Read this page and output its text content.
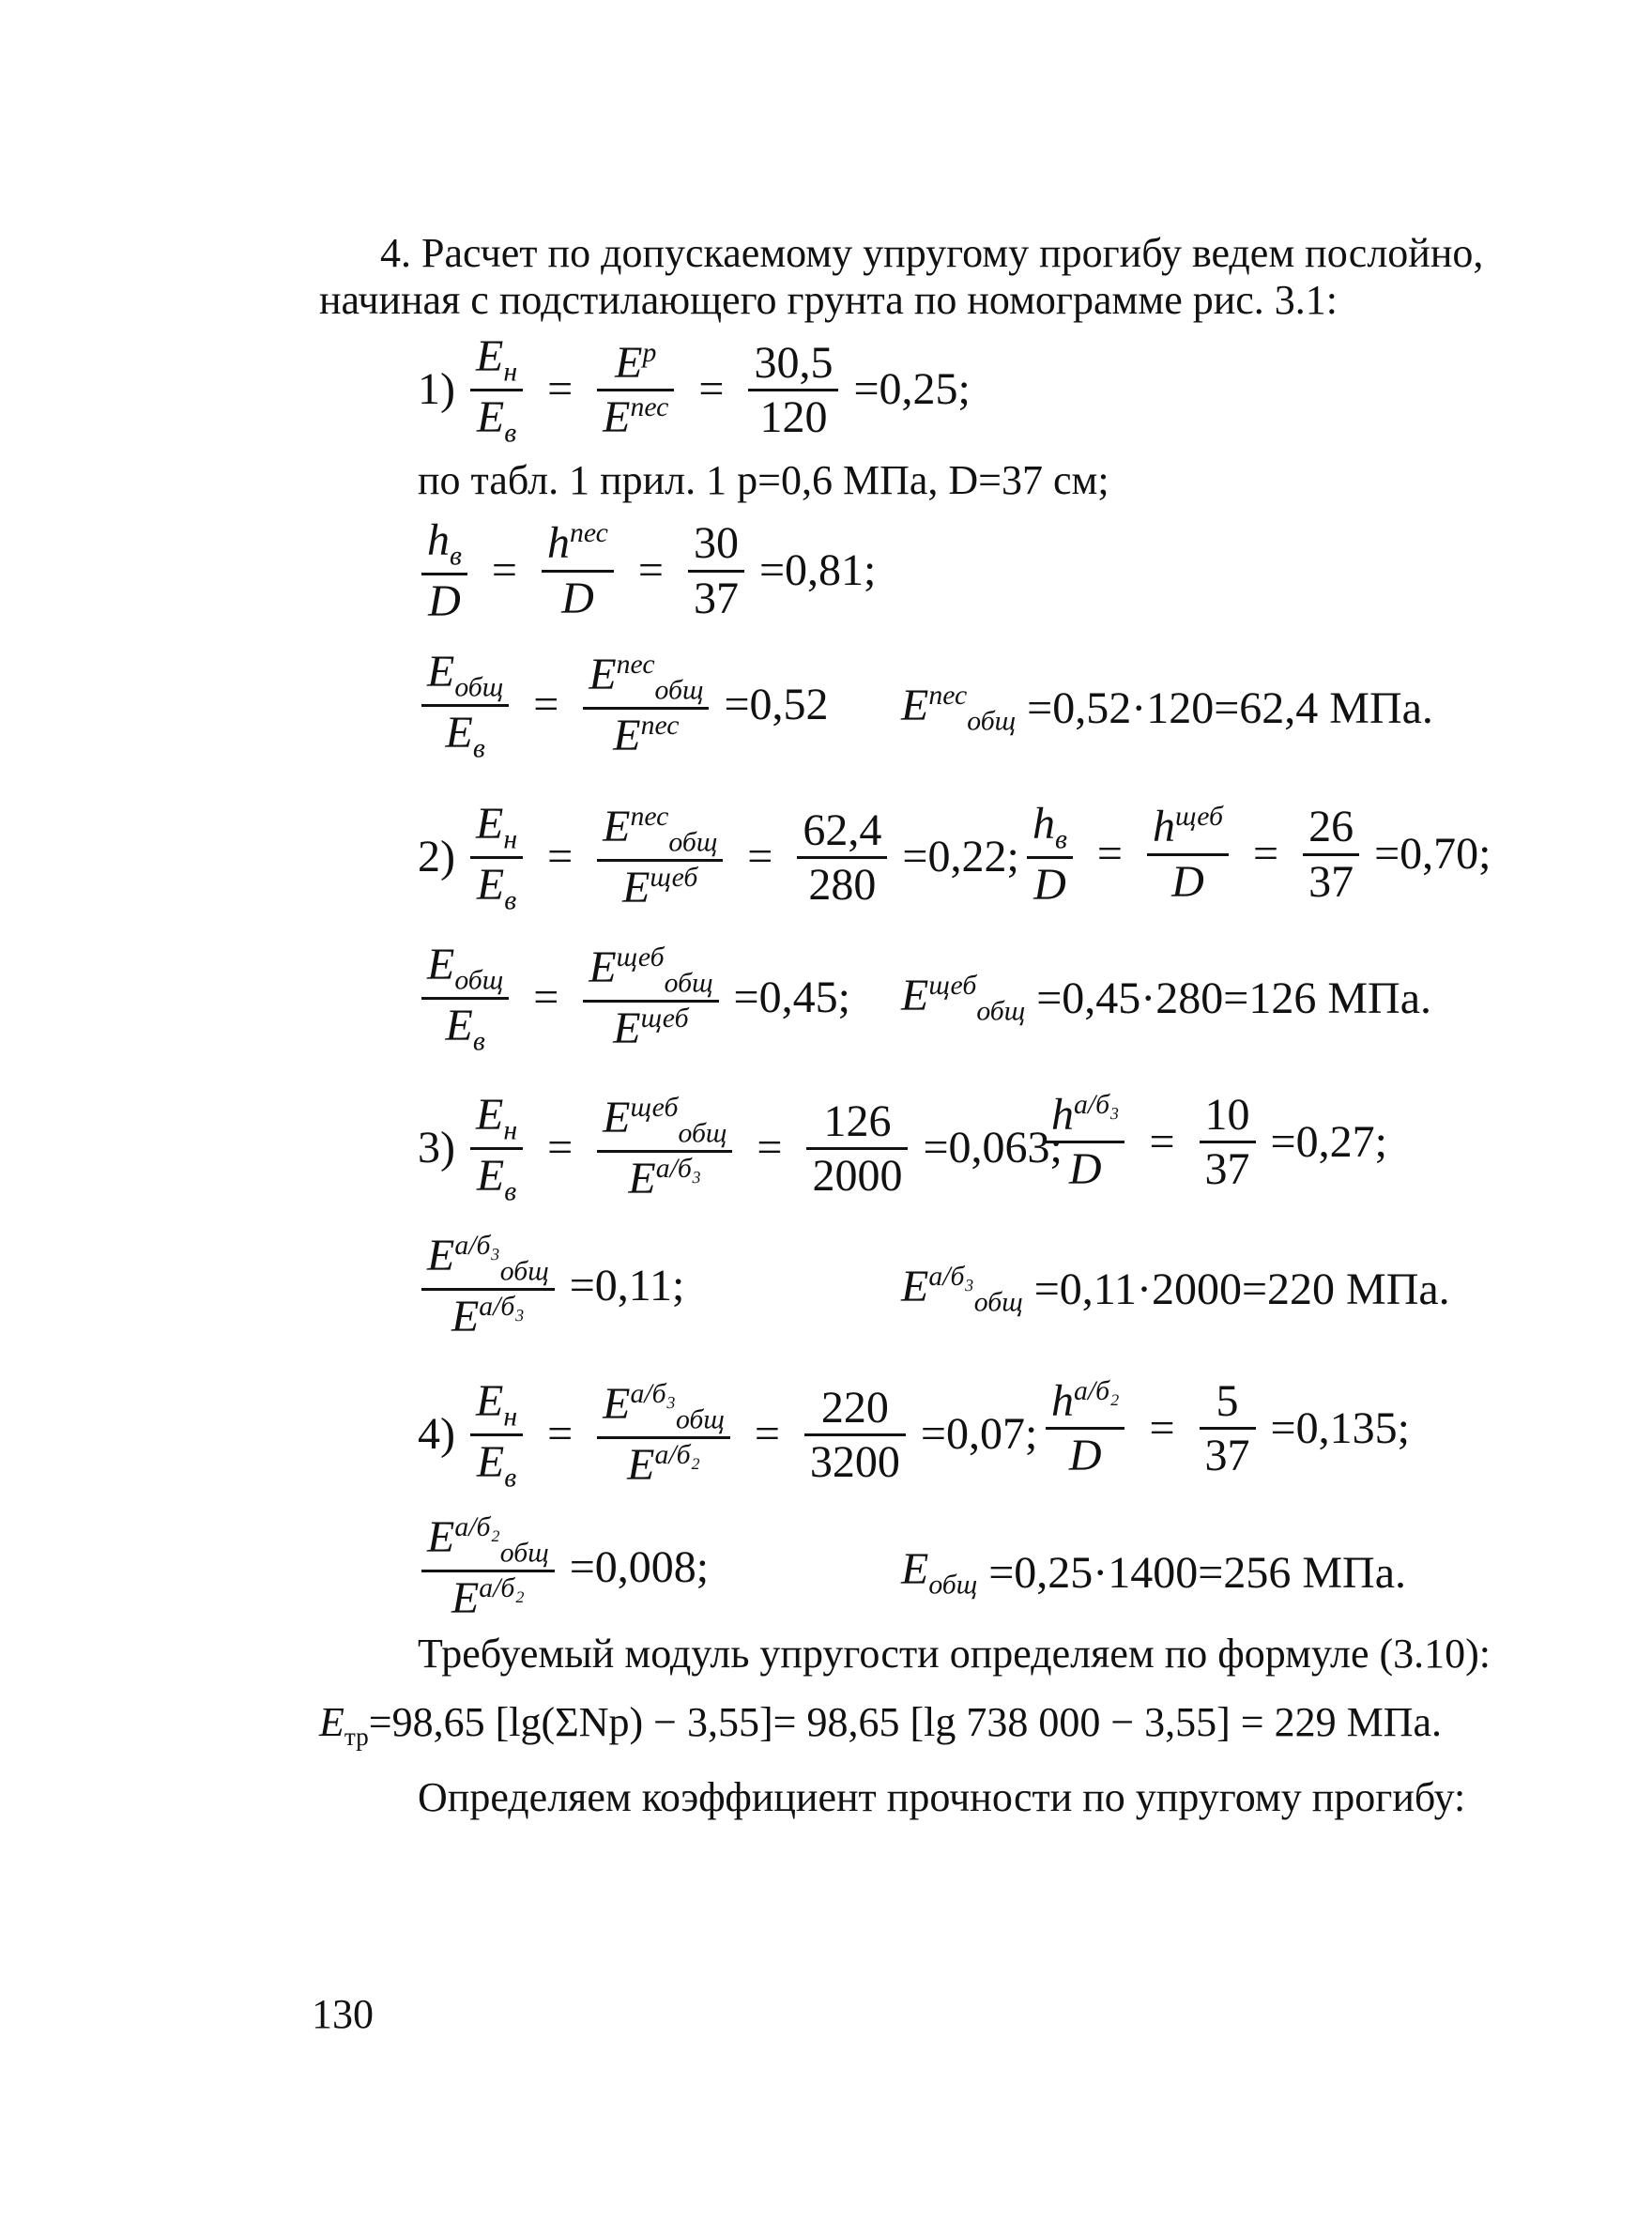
4. Расчет по допускаемому упругому прогибу ведем послойно,
начиная с подстилающего грунта по номограмме рис. 3.1:
$1) \frac{E_н}{E_в} = \frac{E^р}{E^{пес}} = \frac{30,5}{120} =0,25$;
по табл. 1 прил. 1 p=0,6 МПа, D=37 см;
$\frac{h_в}{D} = \frac{h^{пес}}{D} = \frac{30}{37} =0,81$;
$\frac{E_{общ}}{E_в} = \frac{E^{пес}_{общ}}{E^{пес}} =0,52$ $E^{пес}_{общ} =0,52\cdot 120=62,4$ МПа.
$2) \frac{E_н}{E_в} = \frac{E^{пес}_{общ}}{E^{щеб}} = \frac{62,4}{280} =0,22$; $\frac{h_в}{D} = \frac{h^{щеб}}{D} = \frac{26}{37} =0,70$;
$\frac{E_{общ}}{E_в} = \frac{E^{щеб}_{общ}}{E^{щеб}} =0,45$; $E^{щеб}_{общ} =0,45\cdot 280=126$ МПа.
$3) \frac{E_н}{E_в} = \frac{E^{щеб}_{общ}}{E^{а/б_3}} = \frac{126}{2000} =0,063$;
$\frac{h^{а/б_3}}{D} = \frac{10}{37} =0,27$;
$\frac{E^{а/б_3}_{общ}}{E^{а/б_3}} =0,11$;	$E^{а/б_3}_{общ} =0,11\cdot 2000=220$ МПа.
$4) \frac{E_н}{E_в} = \frac{E^{а/б_3}_{общ}}{E^{а/б_2}} = \frac{220}{3200} =0,07$; $\frac{h^{а/б_2}}{D} = \frac{5}{37} =0,135$;
$\frac{E^{а/б_2}_{общ}}{E^{а/б_2}} =0,008$;	$E_{общ} =0,25\cdot 1400=256$ МПа.
Требуемый модуль упругости определяем по формуле (3.10):
$E_{тр}=98,65$ [lg(ΣNp) − 3,55]= 98,65 [lg 738 000 − 3,55] = 229 МПа.
Определяем коэффициент прочности по упругому прогибу:
130
